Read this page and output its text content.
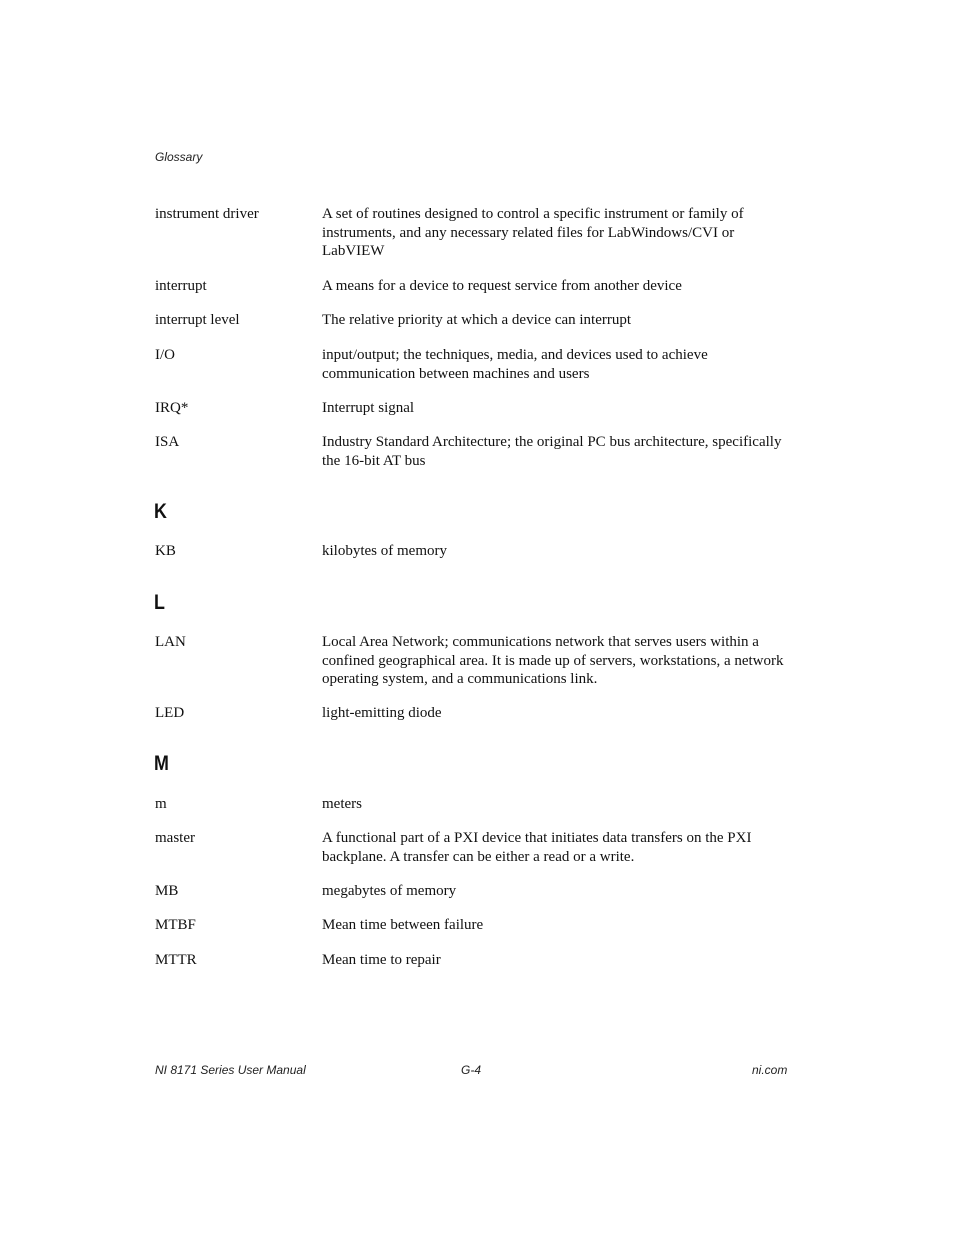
Glossary
instrument driver	A set of routines designed to control a specific instrument or family of instruments, and any necessary related files for LabWindows/CVI or LabVIEW
interrupt	A means for a device to request service from another device
interrupt level	The relative priority at which a device can interrupt
I/O	input/output; the techniques, media, and devices used to achieve communication between machines and users
IRQ*	Interrupt signal
ISA	Industry Standard Architecture; the original PC bus architecture, specifically the 16-bit AT bus
K
KB	kilobytes of memory
L
LAN	Local Area Network; communications network that serves users within a confined geographical area. It is made up of servers, workstations, a network operating system, and a communications link.
LED	light-emitting diode
M
m	meters
master	A functional part of a PXI device that initiates data transfers on the PXI backplane. A transfer can be either a read or a write.
MB	megabytes of memory
MTBF	Mean time between failure
MTTR	Mean time to repair
NI 8171 Series User Manual	G-4	ni.com
